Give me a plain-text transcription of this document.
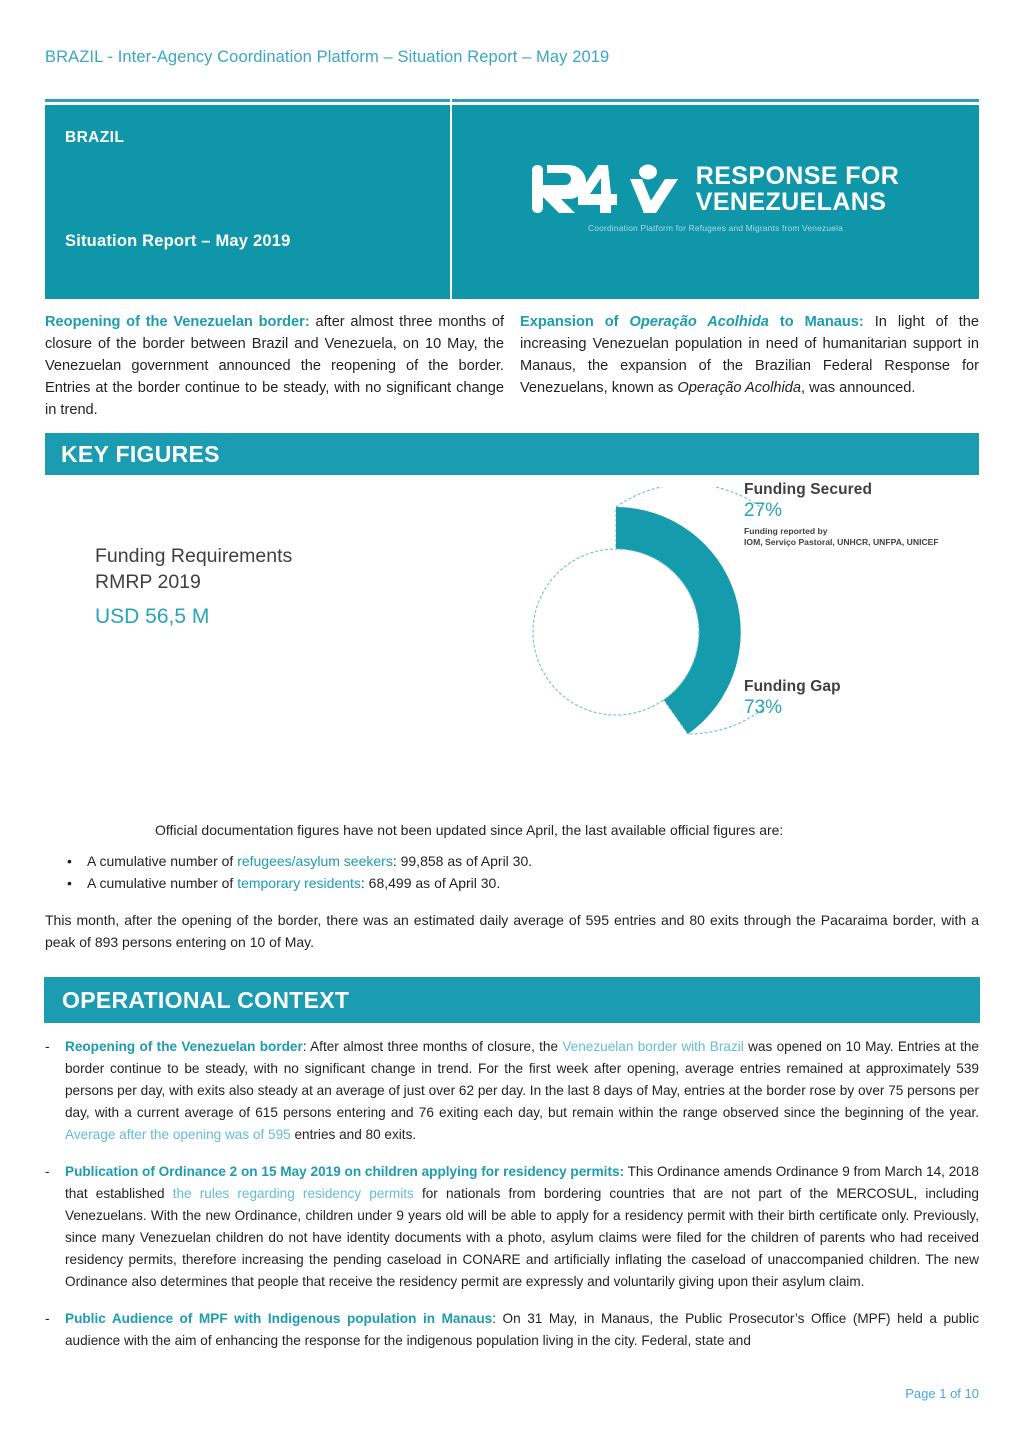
BRAZIL - Inter-Agency Coordination Platform – Situation Report – May 2019
BRAZIL
Situation Report – May 2019
RESPONSE FOR
VENEZUELANS
Coordination Platform for Refugees and Migrants from Venezuela
Reopening of the Venezuelan border: after almost three months of closure of the border between Brazil and Venezuela, on 10 May, the Venezuelan government announced the reopening of the border. Entries at the border continue to be steady, with no significant change in trend.
Expansion of Operação Acolhida to Manaus: In light of the increasing Venezuelan population in need of humanitarian support in Manaus, the expansion of the Brazilian Federal Response for Venezuelans, known as Operação Acolhida, was announced.
KEY FIGURES
Funding Requirements
RMRP 2019
USD 56,5 M
Funding Secured
27%
Funding reported by
IOM, Serviço Pastoral, UNHCR, UNFPA, UNICEF
Funding Gap
73%
Official documentation figures have not been updated since April, the last available official figures are:
• A cumulative number of refugees/asylum seekers: 99,858 as of April 30.
• A cumulative number of temporary residents: 68,499 as of April 30.
This month, after the opening of the border, there was an estimated daily average of 595 entries and 80 exits through the Pacaraima border, with a peak of 893 persons entering on 10 of May.
OPERATIONAL CONTEXT
-	Reopening of the Venezuelan border: After almost three months of closure, the Venezuelan border with Brazil was opened on 10 May. Entries at the border continue to be steady, with no significant change in trend. For the first week after opening, average entries remained at approximately 539 persons per day, with exits also steady at an average of just over 62 per day. In the last 8 days of May, entries at the border rose by over 75 persons per day, with a current average of 615 persons entering and 76 exiting each day, but remain within the range observed since the beginning of the year. Average after the opening was of 595 entries and 80 exits.
-	Publication of Ordinance 2 on 15 May 2019 on children applying for residency permits: This Ordinance amends Ordinance 9 from March 14, 2018 that established the rules regarding residency permits for nationals from bordering countries that are not part of the MERCOSUL, including Venezuelans. With the new Ordinance, children under 9 years old will be able to apply for a residency permit with their birth certificate only. Previously, since many Venezuelan children do not have identity documents with a photo, asylum claims were filed for the children of parents who had received residency permits, therefore increasing the pending caseload in CONARE and artificially inflating the caseload of unaccompanied children. The new Ordinance also determines that people that receive the residency permit are expressly and voluntarily giving upon their asylum claim.
-	Public Audience of MPF with Indigenous population in Manaus: On 31 May, in Manaus, the Public Prosecutor’s Office (MPF) held a public audience with the aim of enhancing the response for the indigenous population living in the city. Federal, state and
Page 1 of 10
